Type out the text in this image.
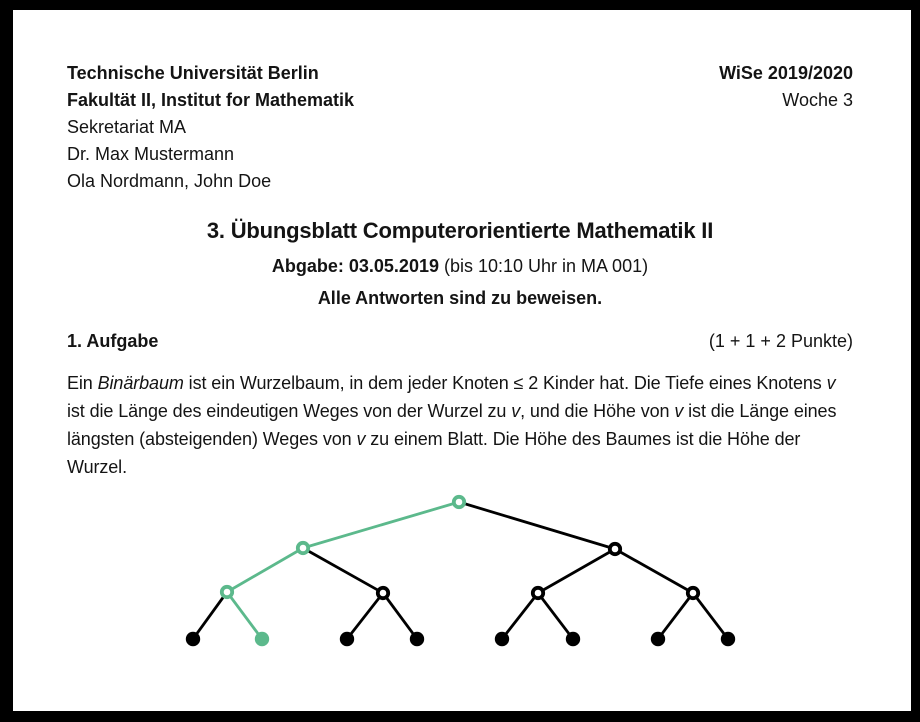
Technische Universität Berlin
Fakultät II, Institut for Mathematik
Sekretariat MA
Dr. Max Mustermann
Ola Nordmann, John Doe
WiSe 2019/2020
Woche 3
3. Übungsblatt Computerorientierte Mathematik II
Abgabe: 03.05.2019 (bis 10:10 Uhr in MA 001)
Alle Antworten sind zu beweisen.
1. Aufgabe	(1 + 1 + 2 Punkte)
Ein Binärbaum ist ein Wurzelbaum, in dem jeder Knoten ≤ 2 Kinder hat. Die Tiefe eines Knotens v ist die Länge des eindeutigen Weges von der Wurzel zu v, und die Höhe von v ist die Länge eines längsten (absteigenden) Weges von v zu einem Blatt. Die Höhe des Baumes ist die Höhe der Wurzel.
